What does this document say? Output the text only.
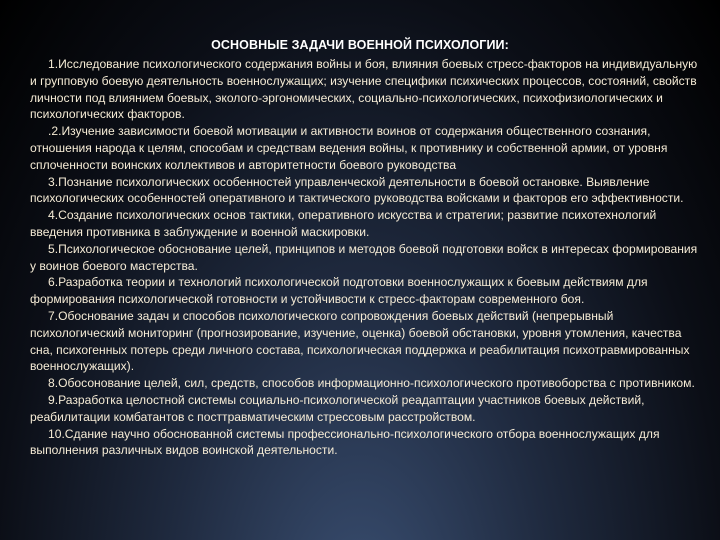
ОСНОВНЫЕ ЗАДАЧИ ВОЕННОЙ ПСИХОЛОГИИ:

1.Исследование психологического содержания войны и боя, влияния боевых стресс-факторов на индивидуальную и групповую боевую деятельность военнослужащих; изучение специфики психических процессов, состояний, свойств личности под влиянием боевых, эколого-эргономических, социально-психологических, психофизиологических и психологических факторов.

.2.Изучение зависимости боевой мотивации и активности воинов от содержания общественного сознания, отношения народа к целям, способам и средствам ведения войны, к противнику и собственной армии, от уровня сплоченности воинских коллективов и авторитетности боевого руководства

3.Познание психологических особенностей управленческой деятельности в боевой остановке. Выявление психологических особенностей оперативного и тактического руководства войсками и факторов его эффективности.

4.Создание психологических основ тактики, оперативного искусства и стратегии; развитие психотехнологий введения противника в заблуждение и военной маскировки.

5.Психологическое обоснование целей, принципов и методов боевой подготовки войск в интересах формирования у воинов боевого мастерства.

6.Разработка теории и технологий психологической подготовки военнослужащих к боевым действиям для формирования психологической готовности и устойчивости к стресс-факторам современного боя.

7.Обоснование задач и способов психологического сопровождения боевых действий (непрерывный психологический мониторинг (прогнозирование, изучение, оценка) боевой обстановки, уровня утомления, качества сна, психогенных потерь среди личного состава, психологическая поддержка и реабилитация психотравмированных военнослужащих).

8.Обосонование целей, сил, средств, способов информационно-психологического противоборства с противником.

9.Разработка целостной системы социально-психологической реадаптации участников боевых действий, реабилитации комбатантов с посттравматическим стрессовым расстройством.

10.Сдание научно обоснованной системы профессионально-психологического отбора военнослужащих для выполнения различных видов воинской деятельности.
